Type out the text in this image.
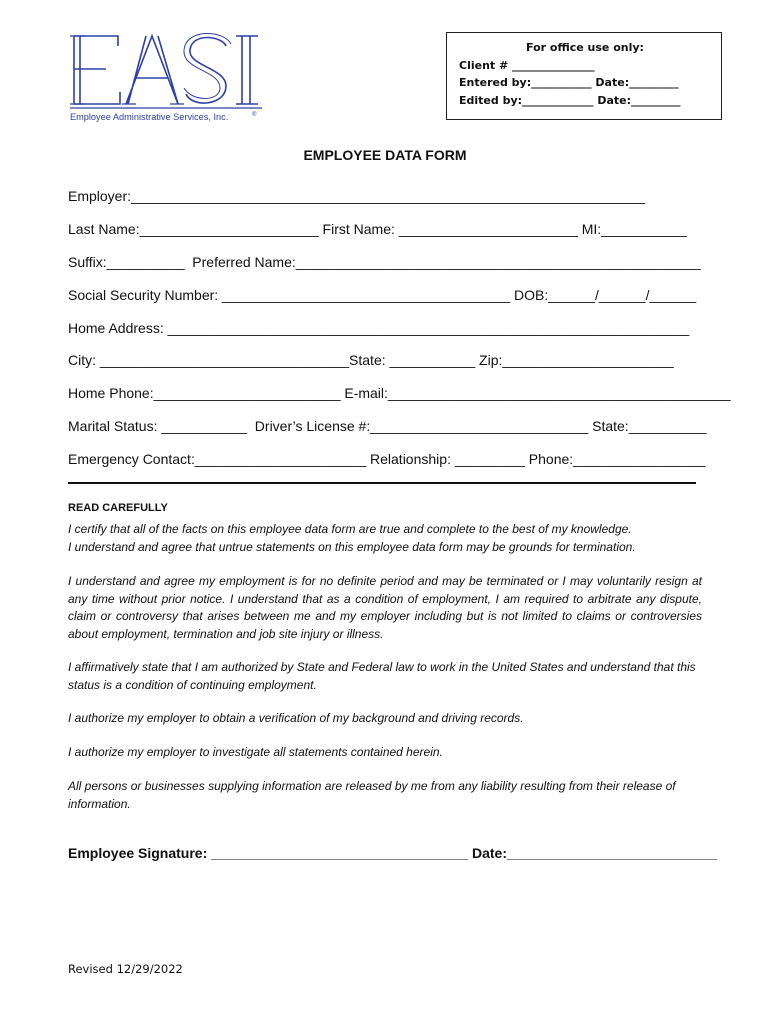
Employee Administrative Services, Inc.	®
For office use only:
Client # _______________
Entered by:___________ Date:_________
Edited by:_____________ Date:_________
EMPLOYEE DATA FORM
Employer:__________________________________________________________________
Last Name:_______________________ First Name: _______________________ MI:___________
Suffix:__________  Preferred Name:____________________________________________________
Social Security Number: _____________________________________ DOB:______/______/______
Home Address: ___________________________________________________________________
City: ________________________________State: ___________ Zip:______________________
Home Phone:________________________ E-mail:____________________________________________
Marital Status: ___________  Driver’s License #:____________________________ State:__________
Emergency Contact:______________________ Relationship: _________ Phone:_________________
READ CAREFULLY
I certify that all of the facts on this employee data form are true and complete to the best of my knowledge.
I understand and agree that untrue statements on this employee data form may be grounds for termination.
I understand and agree my employment is for no definite period and may be terminated or I may voluntarily resign at any time without prior notice. I understand that as a condition of employment, I am required to arbitrate any dispute, claim or controversy that arises between me and my employer including but is not limited to claims or controversies about employment, termination and job site injury or illness.
I affirmatively state that I am authorized by State and Federal law to work in the United States and understand that this status is a condition of continuing employment.
I authorize my employer to obtain a verification of my background and driving records.
I authorize my employer to investigate all statements contained herein.
All persons or businesses supplying information are released by me from any liability resulting from their release of information.
Employee Signature: _________________________________ Date:___________________________
Revised 12/29/2022
